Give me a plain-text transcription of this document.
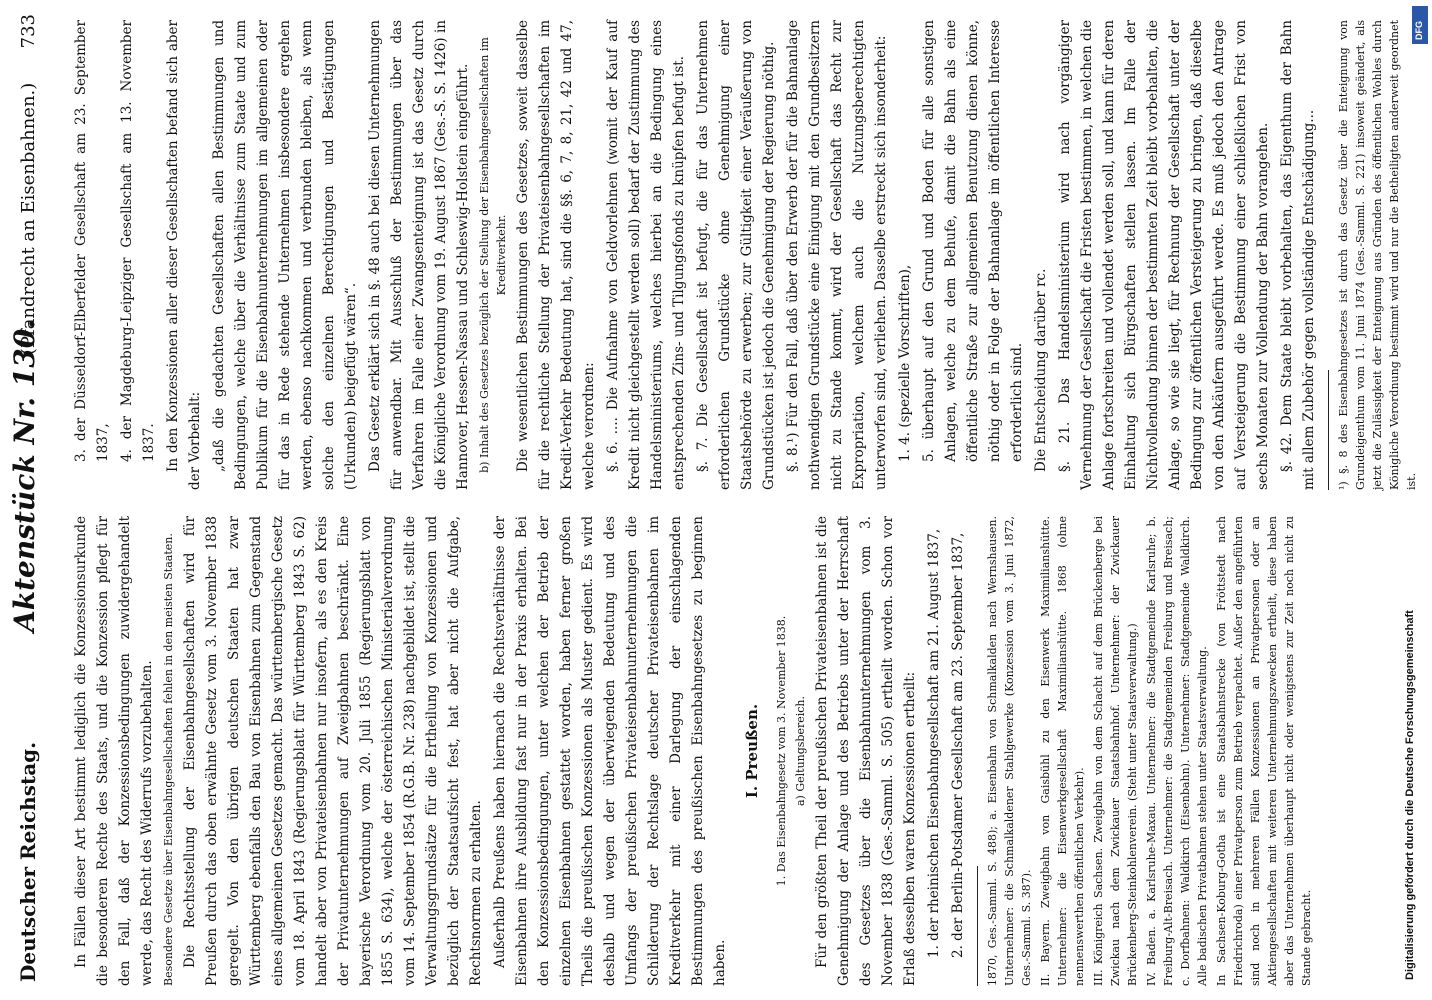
Deutscher Reichstag.
Aktenstück Nr. 130.
(Pfandrecht an Eisenbahnen.)      733

In Fällen dieser Art bestimmt lediglich die Konzessionsurkunde die besonderen Rechte des Staats, und die Konzession pflegt für den Fall, daß der Konzessionsbedingungen zuwidergehandelt werde, das Recht des Widerrufs vorzubehalten. Besondere Gesetze über Eisenbahngesellschaften fehlen in den meisten Staaten. Die Rechtsstellung der Eisenbahngesellschaften wird für Preußen durch das oben erwähnte Gesetz vom 3. November 1838 geregelt. Von den übrigen deutschen Staaten hat zwar Württemberg ebenfalls den Bau von Eisenbahnen zum Gegenstand eines allgemeinen Gesetzes gemacht. Das württembergische Gesetz vom 18. April 1843 (Regierungsblatt für Württemberg 1843 S. 62) handelt aber von Privateisenbahnen nur insofern, als es den Kreis der Privatunternehmungen auf Zweigbahnen beschränkt. Eine bayerische Verordnung vom 20. Juli 1855 (Regierungsblatt von 1855 S. 634), welche der österreichischen Ministerialverordnung vom 14. September 1854 (R.G.B. Nr. 238) nachgebildet ist, stellt die Verwaltungsgrundsätze für die Ertheilung von Konzessionen und bezüglich der Staatsaufsicht fest, hat aber nicht die Aufgabe, Rechtsnormen zu erhalten. Außerhalb Preußens haben hiernach die Rechtsverhältnisse der Eisenbahnen ihre Ausbildung fast nur in der Praxis erhalten. Bei den Konzessionsbedingungen, unter welchen der Betrieb der einzelnen Eisenbahnen gestattet worden, haben ferner großen Theils die preußischen Konzessionen als Muster gedient. Es wird deshalb und wegen der überwiegenden Bedeutung und des Umfangs der preußischen Privateisenbahnunternehmungen die Schilderung der Rechtslage deutscher Privateisenbahnen im Kreditverkehr mit einer Darlegung der einschlagenden Bestimmungen des preußischen Eisenbahngesetzes zu beginnen haben.

I. Preußen. 1. Das Eisenbahngesetz vom 3. November 1838. a) Geltungsbereich. Für den größten Theil der preußischen Privateisenbahnen ist die Genehmigung der Anlage und des Betriebs unter der Herrschaft des Gesetzes über die Eisenbahnunternehmungen vom 3. November 1838 (Ges.-Samml. S. 505) ertheilt worden. Schon vor Erlaß desselben waren Konzessionen ertheilt: 1. der rheinischen Eisenbahngesellschaft am 21. August 1837, 2. der Berlin-Potsdamer Gesellschaft am 23. September 1837, 1870, Ges.-Samml. S. 488); a. Eisenbahn von Schmalkalden nach Wernshausen. Unternehmer: die Schmalkaldener Stahlgewerke (Konzession vom 3. Juni 1872, Ges.-Samml. S. 387). II. Bayern. Zweigbahn von Gaisbühl zu den Eisenwerk Maximilianshütte. Unternehmer: die Eisenwerkgesellschaft Maximilianshütte. 1868 (ohne nennenswerthen öffentlichen Verkehr). III. Königreich Sachsen. Zweigbahn von dem Schacht auf dem Brückenberge bei Zwickau nach dem Zwickauer Staatsbahnhof. Unternehmer: der Zwickauer Brückenberg-Steinkohlenverein. (Steht unter Staatsverwaltung.) IV. Baden. a. Karlsruhe-Maxau. Unternehmer: die Stadtgemeinde Karlsruhe; b. Freiburg-Alt-Breisach. Unternehmer: die Stadtgemeinden Freiburg und Breisach; c. Dorfbahnen: Waldkirch (Eisenbahn). Unternehmer: Stadtgemeinde Waldkirch. Alle badischen Privatbahnen stehen unter Staatsverwaltung. In Sachsen-Koburg-Gotha ist eine Staatsbahnstrecke (von Fröttstedt nach Friedrichroda) einer Privatperson zum Betrieb verpachtet. Außer den angeführten sind noch in mehreren Fällen Konzessionen an Privatpersonen oder an Aktiengesellschaften mit weiteren Unternehmungszwecken ertheilt, diese haben aber das Unternehmen überhaupt nicht oder wenigstens zur Zeit noch nicht zu Stande gebracht.

3. der Düsseldorf-Elberfelder Gesellschaft am 23. September 1837, 4. der Magdeburg-Leipziger Gesellschaft am 13. November 1837. In den Konzessionen aller dieser Gesellschaften befand sich aber der Vorbehalt: „daß die gedachten Gesellschaften allen Bestimmungen und Bedingungen, welche über die Verhältnisse zum Staate und zum Publikum für die Eisenbahnunternehmungen im allgemeinen oder für das in Rede stehende Unternehmen insbesondere ergehen werden, ebenso nachkommen und verbunden bleiben, als wenn solche den einzelnen Berechtigungen und Bestätigungen (Urkunden) beigefügt wären“. Das Gesetz erklärt sich in §. 48 auch bei diesen Unternehmungen für anwendbar. Mit Ausschluß der Bestimmungen über das Verfahren im Falle einer Zwangsenteignung ist das Gesetz durch die Königliche Verordnung vom 19. August 1867 (Ges.-S. S. 1426) in Hannover, Hessen-Nassau und Schleswig-Holstein eingeführt. b) Inhalt des Gesetzes bezüglich der Stellung der Eisenbahngesellschaften im Kreditverkehr. Die wesentlichen Bestimmungen des Gesetzes, soweit dasselbe für die rechtliche Stellung der Privateisenbahngesellschaften im Kredit-Verkehr Bedeutung hat, sind die §§. 6, 7, 8, 21, 42 und 47, welche verordnen: §. 6. .... Die Aufnahme von Geldvorlehnen (womit der Kauf auf Kredit nicht gleichgestellt werden soll) bedarf der Zustimmung des Handelsministeriums, welches hierbei an die Bedingung eines entsprechenden Zins- und Tilgungsfonds zu knüpfen befugt ist. §. 7. Die Gesellschaft ist befugt, die für das Unternehmen erforderlichen Grundstücke ohne Genehmigung einer Staatsbehörde zu erwerben; zur Gültigkeit einer Veräußerung von Grundstücken ist jedoch die Genehmigung der Regierung nöthig. §. 8.¹) Für den Fall, daß über den Erwerb der für die Bahnanlage nothwendigen Grundstücke eine Einigung mit den Grundbesitzern nicht zu Stande kommt, wird der Gesellschaft das Recht zur Expropriation, welchem auch die Nutzungsberechtigten unterworfen sind, verliehen. Dasselbe erstreckt sich insonderheit: 1. 4. (spezielle Vorschriften), 5. überhaupt auf den Grund und Boden für alle sonstigen Anlagen, welche zu dem Behufe, damit die Bahn als eine öffentliche Straße zur allgemeinen Benutzung dienen könne, nöthig oder in Folge der Bahnanlage im öffentlichen Interesse erforderlich sind. Die Entscheidung darüber rc. §. 21. Das Handelsministerium wird nach vorgängiger Vernehmung der Gesellschaft die Fristen bestimmen, in welchen die Anlage fortschreiten und vollendet werden soll, und kann für deren Einhaltung sich Bürgschaften stellen lassen. Im Falle der Nichtvollendung binnen der bestimmten Zeit bleibt vorbehalten, die Anlage, so wie sie liegt, für Rechnung der Gesellschaft unter der Bedingung zur öffentlichen Versteigerung zu bringen, daß dieselbe von den Ankäufern ausgeführt werde. Es muß jedoch den Antrage auf Versteigerung die Bestimmung einer schließlichen Frist von sechs Monaten zur Vollendung der Bahn vorangehen. §. 42. Dem Staate bleibt vorbehalten, das Eigenthum der Bahn mit allem Zubehör gegen vollständige Entschädigung... ¹) §. 8 des Eisenbahngesetzes ist durch das Gesetz über die Enteignung von Grundeigenthum vom 11. Juni 1874 (Ges.-Samml. S. 221) insoweit geändert, als jetzt die Zulässigkeit der Enteignung aus Gründen des öffentlichen Wohles durch Königliche Verordnung bestimmt wird und nur die Betheiligten anderweit geordnet ist.

Digitalisierung gefördert durch die Deutsche Forschungsgemeinschaft
DFG
